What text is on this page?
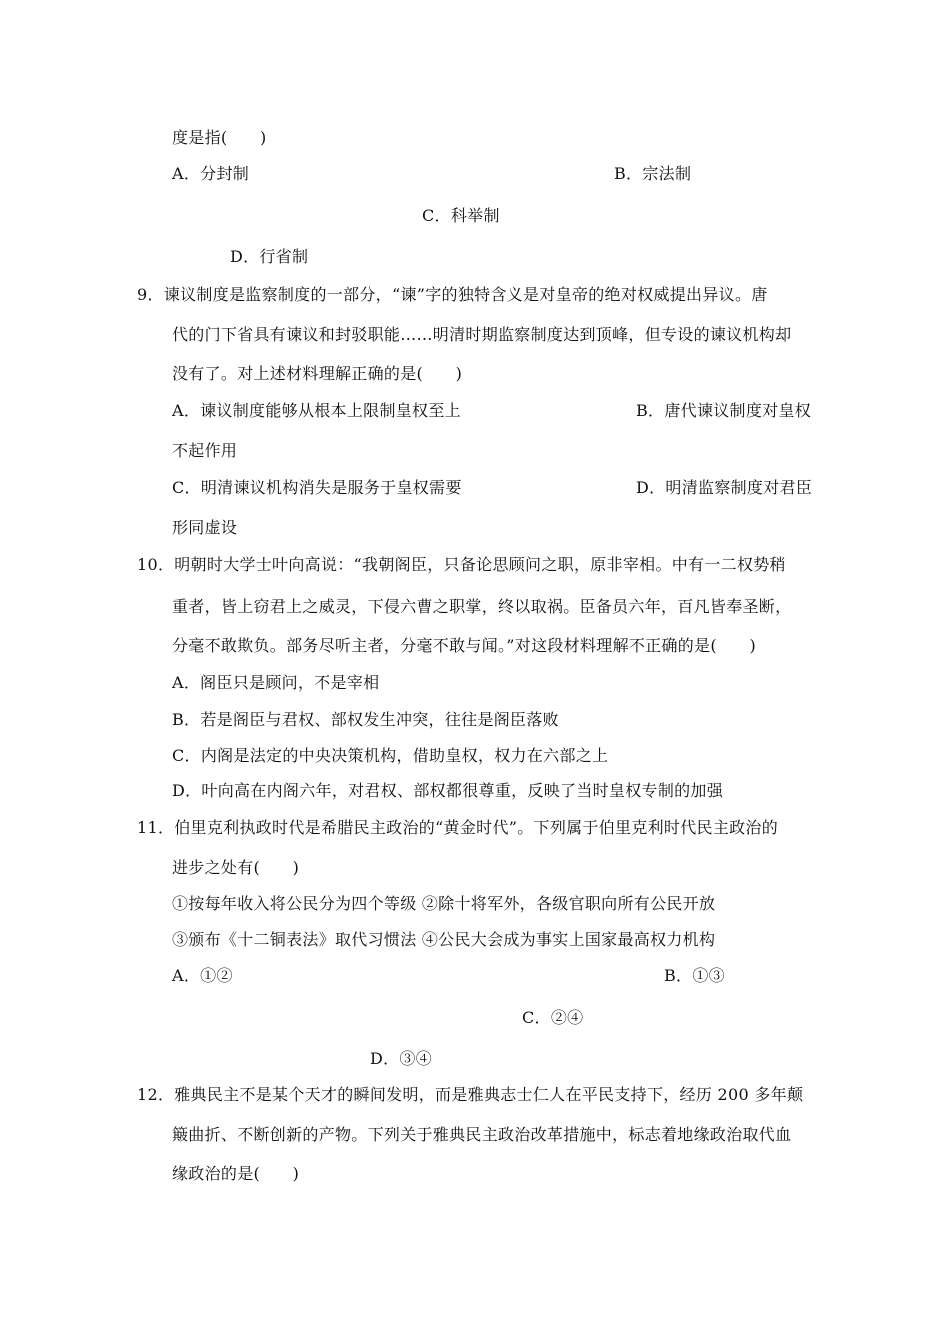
度是指(　　)
A．分封制	B．宗法制
C．科举制
D．行省制
9．谏议制度是监察制度的一部分，“谏”字的独特含义是对皇帝的绝对权威提出异议。唐
代的门下省具有谏议和封驳职能……明清时期监察制度达到顶峰，但专设的谏议机构却
没有了。对上述材料理解正确的是(　　)
A．谏议制度能够从根本上限制皇权至上	B．唐代谏议制度对皇权
不起作用
C．明清谏议机构消失是服务于皇权需要	D．明清监察制度对君臣
形同虚设
10．明朝时大学士叶向高说：“我朝阁臣，只备论思顾问之职，原非宰相。中有一二权势稍
重者，皆上窃君上之威灵，下侵六曹之职掌，终以取祸。臣备员六年，百凡皆奉圣断，
分毫不敢欺负。部务尽听主者，分毫不敢与闻。”对这段材料理解不正确的是(　　)
A．阁臣只是顾问，不是宰相
B．若是阁臣与君权、部权发生冲突，往往是阁臣落败
C．内阁是法定的中央决策机构，借助皇权，权力在六部之上
D．叶向高在内阁六年，对君权、部权都很尊重，反映了当时皇权专制的加强
11．伯里克利执政时代是希腊民主政治的“黄金时代”。下列属于伯里克利时代民主政治的
进步之处有(　　)
①按每年收入将公民分为四个等级 ②除十将军外，各级官职向所有公民开放
③颁布《十二铜表法》取代习惯法 ④公民大会成为事实上国家最高权力机构
A．①②	B．①③
C．②④
D．③④
12．雅典民主不是某个天才的瞬间发明，而是雅典志士仁人在平民支持下，经历 200 多年颠
簸曲折、不断创新的产物。下列关于雅典民主政治改革措施中，标志着地缘政治取代血
缘政治的是(　　)
